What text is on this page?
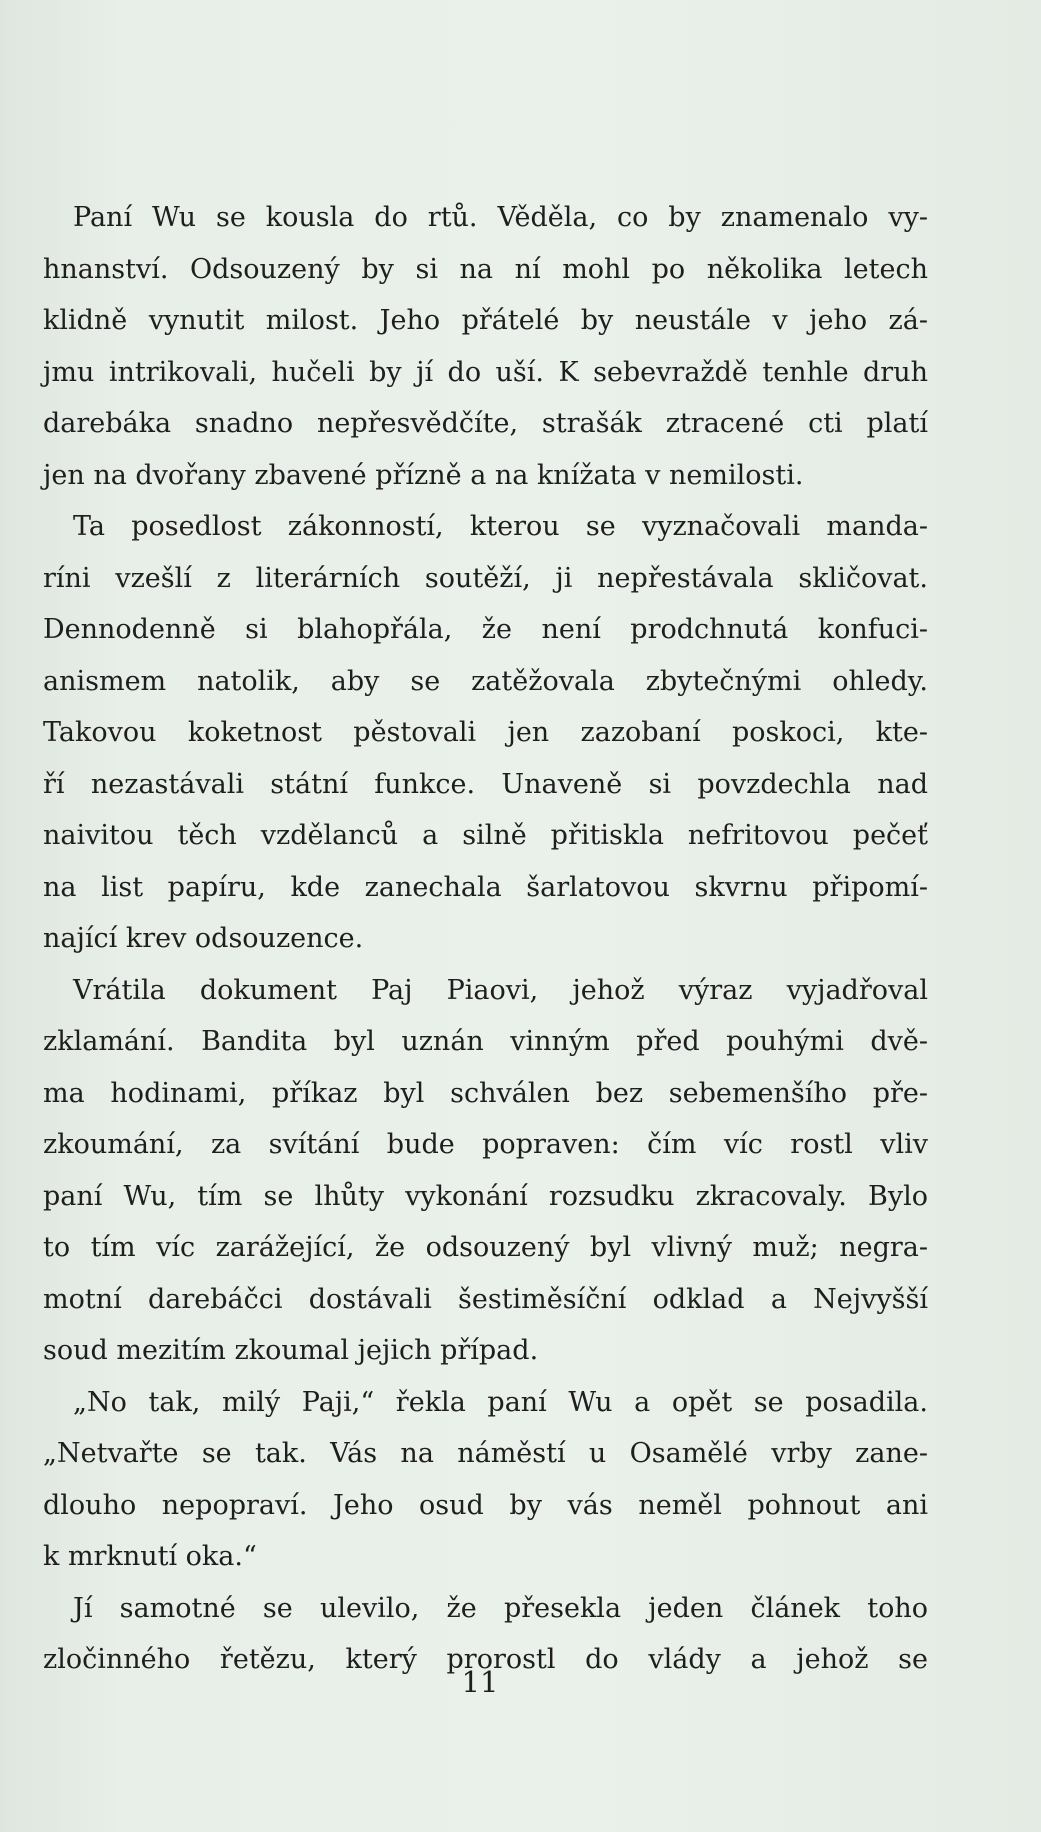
Paní Wu se kousla do rtů. Věděla, co by znamenalo vy-
hnanství. Odsouzený by si na ní mohl po několika letech
klidně vynutit milost. Jeho přátelé by neustále v jeho zá-
jmu intrikovali, hučeli by jí do uší. K sebevraždě tenhle druh
darebáka snadno nepřesvědčíte, strašák ztracené cti platí
jen na dvořany zbavené přízně a na knížata v nemilosti.
Ta posedlost zákonností, kterou se vyznačovali manda-
ríni vzešlí z literárních soutěží, ji nepřestávala skličovat.
Dennodenně si blahopřála, že není prodchnutá konfuci-
anismem natolik, aby se zatěžovala zbytečnými ohledy.
Takovou koketnost pěstovali jen zazobaní poskoci, kte-
ří nezastávali státní funkce. Unaveně si povzdechla nad
naivitou těch vzdělanců a silně přitiskla nefritovou pečeť
na list papíru, kde zanechala šarlatovou skvrnu připomí-
nající krev odsouzence.
Vrátila dokument Paj Piaovi, jehož výraz vyjadřoval
zklamání. Bandita byl uznán vinným před pouhými dvě-
ma hodinami, příkaz byl schválen bez sebemenšího pře-
zkoumání, za svítání bude popraven: čím víc rostl vliv
paní Wu, tím se lhůty vykonání rozsudku zkracovaly. Bylo
to tím víc zarážející, že odsouzený byl vlivný muž; negra-
motní darebáčci dostávali šestiměsíční odklad a Nejvyšší
soud mezitím zkoumal jejich případ.
„No tak, milý Paji,“ řekla paní Wu a opět se posadila.
„Netvařte se tak. Vás na náměstí u Osamělé vrby zane-
dlouho nepopraví. Jeho osud by vás neměl pohnout ani
k mrknutí oka.“
Jí samotné se ulevilo, že přesekla jeden článek toho
zločinného řetězu, který prorostl do vlády a jehož se
11
